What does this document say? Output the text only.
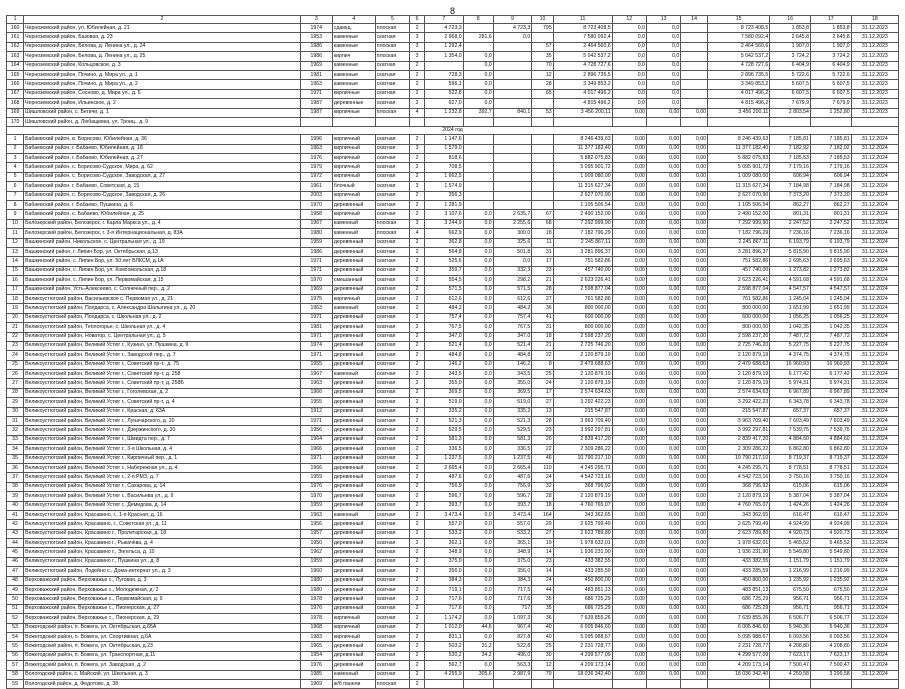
8
1	2	3	4	5	6	7	8	9	10	11	12	13	14	15	16	17	18
160	Черноземский район, ул. Юбилейная, д. 21	1974	сдающ.	плоская	2	4 723,3		4 723,3	795	8 723 408,5	0,0	0,0		8 723 408,5	1 853,8	1 853,8	31.12.2023
161	Черноземский район, Базовая, д. 23	1953	каменные	скатная	3	2 968,0	281,6	0,0		7 580 092,4	0,0	0,0		7 580 092,4	2 645,8	2 645,8	31.12.2023
162	Черноземский район, Белова, д. Ленина ул., д. 24	1986	каменные	плоская	3	1 292,4			57	2 464 560,6	0,0	0,0		2 464 560,6	1 907,0	1 907,0	31.12.2023
163	Черноземский район, Белова, д. Ленина ул., д. 25	1986	кирпич	плоская	3	1 354,0	0,0		35	5 042 537,2	0,0	0,0		5 042 537,2	3 724,2	3 724,2	31.12.2023
164	Черноземский район, Кольцовское, д. 3	1969	каменные	скатная	2		0,0		70	4 728 727,6	0,0	0,0		4 728 727,6	6 404,9	6 404,9	31.12.2023
165	Черноземский район, Почино, д. Мира ул., д. 1	1981	каменные	скатная	2	728,3	0,0		12	2 896 735,5	0,0	0,0		2 896 735,5	5 722,6	5 722,6	31.12.2023
166	Черноземский район, Почино, д. Мира ул., д. 2	1963	каменные	скатная	2	596,1	0,0		28	3 349 853,2	0,0	0,0		3 349 853,2	5 607,5	5 607,5	31.12.2023
167	Черноземский район, Сосново, д. Мира ул., д. 5	1971	кирпичные	скатная	2	522,8	0,0		65	4 017 496,2	0,0	0,0		4 017 496,2	6 607,5	6 607,5	31.12.2023
168	Черноземский район, Ильинское, д. 2	1987	деревянные	скатная	2	627,0	0,0			4 815 496,2	0,0	0,0		4 815 496,2	7 679,9	7 679,9	31.12.2023
169	Шишловский район, с. Бегичи, д. 1	1987	кирпичные	плоская	4	1 232,8	392,7	840,1	53	3 456 200,11	0,00	0,00	0,00	3 456 200,11	2 803,54	1 252,80	31.12.2023
170	Шишловский район, д. Любащевка, ул. Троиц., д. 9																
2024 год																	
1	Бабаевский район, в. Борисово, Юбилейная, д. 36	1996	кирпичный	скатная	2	1 147,6				8 246 439,63	0,00	0,00	0,00	8 246 439,63	7 185,81	7 185,81	31.12.2024
2	Бабаевский район, г. Бабаево, Юбилейная, д. 18	1963	кирпичный	скатная	3	1 579,0				11 377 182,40	0,00	0,00	0,00	11 377 182,40	7 182,92	7 182,92	31.12.2024
3	Бабаевский район, г. Бабаево, Юбилейная, д. 27	1976	кирпичный	скатная	2	818,6				5 882 075,83	0,00	0,00	0,00	5 882 075,83	7 185,53	7 185,53	31.12.2024
4	Бабаевский район, с. Борисово-Судское, Мира, д. 62	1979	кирпичный	скатная	2	708,5				5 095 901,72	0,00	0,00	0,00	5 095 901,72	7 179,16	7 179,16	31.12.2024
5	Бабаевский район, с. Борисово-Судское, Заводская, д. 27	1972	кирпичный	скатная	2	1 662,5				1 009 080,00	0,00	0,00	0,00	1 009 080,00	606,94	606,94	31.12.2024
6	Бабаевский район, г. Бабаево, Советская, д. 15	1961	блочный	скатная	3	1 574,9				11 315 627,34	0,00	0,00	0,00	11 315 627,34	7 184,98	7 184,98	31.12.2024
7	Бабаевский район, с. Борисово-Судское, Заводская, д. 26	2003	кирпичный	скатная	2	356,3				2 627 070,90	0,00	0,00	0,00	2 627 070,90	7 373,20	7 373,20	31.12.2024
8	Бабаевский район, г. Бабаево, Пушкина, д. 6	1970	деревянный	скатная	2	1 281,9				1 105 506,54	0,00	0,00	0,00	1 105 506,54	862,27	862,27	31.12.2024
9	Бабаевский район, с. Бабаево, Юбилейная, д. 25	1958	кирпичный	скатная	2	3 107,6	0,0	2 635,7	67	2 490 152,00	0,00	0,00	0,00	2 490 152,00	801,31	801,31	31.12.2024
10	Белозерский район, Белозерск, г. Карла Маркса ул., д. 4	1967	каменный	плоская	3	3 244,9	0,0	2 255,6	68	7 292 999,90	0,00	0,00	0,00	7 292 999,90	2 247,52	2 247,52	31.12.2024
11	Белозерский район, Белозерск, г. 3-я Интернациональная, д. 83А	1980	каменный	плоская	4	662,9	0,0	300,0	18	7 182 796,29	0,00	0,00	0,00	7 182 796,29	7 236,16	7 236,16	31.12.2024
12	Вашкинский район, Никольское, с. Центральная ул., д. 19	1959	деревянный	скатная	2	362,8	0,0	325,6	11	2 245 867,11	0,00	0,00	0,00	2 245 867,11	6 193,79	6 193,79	31.12.2024
13	Вашкинский район, г. Липин Бор, ул. Октябрьская, д.13	1986	деревянный	скатная	2	564,8	0,0	501,8	31	3 281 896,37	0,00	0,00	0,00	3 281 896,37	5 815,90	5 815,90	31.12.2024
14	Вашкинский район, с. Липин Бор, ул. 50 лет ВЛКСМ, д.1А	1971	деревянный	скатная	2	525,6	0,0	0,0	17	751 582,86	0,00	0,00	0,00	751 582,86	2 695,63	2 695,63	31.12.2024
15	Вашкинский район, с. Липин Бор, ул. Комсомольская, д.18	1971	деревянный	скатная	2	359,7	0,0	332,3	23	457 740,00	0,00	0,00	0,00	457 740,00	1 273,82	1 273,82	31.12.2024
16	Вашкинский район, с. Липин Бор, ул. Первомайская, д.15	1970	смешанный	скатная	2	554,5	0,0	298,2	21	2 623 226,41	0,00	0,00	0,00	2 623 226,41	4 591,68	4 591,68	31.12.2024
17	Вашкинский район, Усть-Алексеево, с. Солнечный пер., д. 2	1969	деревянный	скатная	2	571,5	0,0	571,5	28	2 598 877,04	0,00	0,00	0,00	2 598 877,04	4 547,57	4 547,57	31.12.2024
18	Великоустюгский район, Васильевское с. Первомая ул., д. 21	1975	кирпичный	скатная	2	612,6	0,0	612,6	27	761 582,86	0,00	0,00	0,00	761 582,86	1 245,04	1 245,04	31.12.2024
19	Великоустюгский район, Полдарса, с. Александра Шалыгина ул., д. 20	1963	каменный	скатная	2	484,2	0,0	484,2	36	800 000,00	0,00	0,00	0,00	800 000,00	1 651,99	1 651,99	31.12.2024
20	Великоустюгский район, Полдарса, с. Школьная ул., д. 2	1971	деревянный	скатная	2	757,4	0,0	757,4	41	600 000,00	0,00	0,00	0,00	600 000,00	1 056,25	1 056,25	31.12.2024
21	Великоустюгский район, Теплогорье, с. Школьная ул., д. 4	1981	деревянный	скатная	2	767,5	0,0	767,5	31	800 000,00	0,00	0,00	0,00	800 000,00	1 042,35	1 042,35	31.12.2024
22	Великоустюгский район, Новатор, с. Центральная ул., д. 5	1971	деревянный	скатная	2	347,0	0,0	347,0	18	2 598 237,20	0,00	0,00	0,00	2 598 237,20	7 487,72	7 487,72	31.12.2024
23	Великоустюгский район, Великий Устюг г., Кузино, ул. Пушкина, д. 9	1974	деревянный	скатная	2	521,4	0,0	521,4	21	2 725 746,20	0,00	0,00	0,00	2 725 746,20	5 227,75	5 227,75	31.12.2024
24	Великоустюгский район, Великий Устюг г., Заводской пер., д. 7	1971	деревянный	скатная	2	484,8	0,0	484,8	22	2 120 879,19	0,00	0,00	0,00	2 120 879,19	4 374,75	4 374,75	31.12.2024
25	Великоустюгский район, Великий Устюг г., Советский пр-т., д. 75	1955	деревянный	скатная	2	146,2	0,0	146,2	8	2 479 688,63	0,00	0,00	0,00	2 479 688,63	16 960,93	16 960,93	31.12.2024
26	Великоустюгский район, Великий Устюг г., Советский пр-т, д. 258	1967	каменный	скатная	2	343,5	0,0	343,5	25	2 120 879,19	0,00	0,00	0,00	2 120 879,19	6 177,42	6 177,42	31.12.2024
27	Великоустюгский район, Великий Устюг г., Советский пр-т, д. 258Б	1963	деревянный	скатная	2	355,0	0,0	355,0	24	2 120 879,19	0,00	0,00	0,00	2 120 879,19	5 974,31	5 974,31	31.12.2024
28	Великоустюгский район, Великий Устюг г., Гоголевская, д. 2	1966	деревянный	скатная	2	369,5	0,0	369,5	17	2 574 634,63	0,00	0,00	0,00	2 574 634,63	6 967,89	6 967,89	31.12.2024
29	Великоустюгский район, Великий Устюг г., Советский пр-т, д. 4	1955	деревянный	скатная	2	519,0	0,0	519,0	27	3 292 422,23	0,00	0,00	0,00	3 292 422,23	6 343,78	6 343,78	31.12.2024
30	Великоустюгский район, Великий Устюг г., Красная, д. 63А	1912	деревянный	скатная	2	335,2	0,0	335,2	13	215 547,87	0,00	0,00	0,00	215 547,87	657,37	657,37	31.12.2024
31	Великоустюгский район, Великий Устюг г., Луначарского, д. 20	1971	деревянный	скатная	2	521,3	0,0	521,3	28	3 963 709,40	0,00	0,00	0,00	3 963 709,40	7 603,49	7 603,49	31.12.2024
32	Великоустюгский район, Великий Устюг г., Дзержинского, д. 30	1956	деревянный	скатная	2	529,5	0,0	529,5	23	3 992 297,81	0,00	0,00	0,00	3 992 297,81	7 539,75	7 539,75	31.12.2024
33	Великоустюгский район, Великий Устюг г., Шмидта пер., д. 7	1964	деревянный	скатная	2	581,3	0,0	581,3	26	2 839 417,20	0,00	0,00	0,00	2 839 417,20	4 884,60	4 884,60	31.12.2024
34	Великоустюгский район, Великий Устюг г., 3-я Школьная, д. 4	1966	деревянный	скатная	2	336,5	0,0	336,5	22	2 309 286,22	0,00	0,00	0,00	2 309 286,22	6 862,80	6 862,80	31.12.2024
35	Великоустюгский район, Великий Устюг г., Кирпичный пер., д. 1	1971	деревянный	скатная	2	1 237,5	0,0	1 237,5	46	10 790 217,10	0,00	0,00	0,00	10 790 217,10	8 719,37	8 719,37	31.12.2024
36	Великоустюгский район, Великий Устюг г., Набережная ул., д. 4	1966	деревянный	скатная	2	2 665,4	0,0	2 665,4	110	4 245 295,71	0,00	0,00	0,00	4 245 295,71	8 778,51	8 778,51	31.12.2024
37	Великоустюгский район, Великий Устюг г., 2-я РМЗ, д. 7	1959	деревянный	скатная	2	487,6	0,0	487,6	24	4 542 723,16	0,00	0,00	0,00	4 542 723,16	3 750,16	3 750,16	31.12.2024
38	Великоустюгский район, Великий Устюг г., Сахарова, д. 14	1976	деревянный	скатная	2	756,9	0,0	756,9	32	368 796,92	0,00	0,00	0,00	368 796,92	615,06	615,06	31.12.2024
39	Великоустюгский район, Великий Устюг г., Васильева ул., д. 9	1970	деревянный	скатная	2	596,7	0,0	596,7	28	2 120 879,19	0,00	0,00	0,00	2 120 879,19	5 387,04	5 387,04	31.12.2024
40	Великоустюгский район, Великий Устюг г., Демидова, д. 14	1959	деревянный	скатная	2	393,7	0,0	393,7	18	4 760 765,07	0,00	0,00	0,00	4 760 765,07	1 424,26	1 424,26	31.12.2024
41	Великоустюгский район, Красавино, г., 1-я Красная, д. 16	1963	каменный	скатная	2	3 473,4	0,0	3 473,4	164	343 362,65	0,00	0,00	0,00	343 362,65	616,47	616,47	31.12.2024
42	Великоустюгский район, Красавино, г., Советская ул., д. 11	1956	деревянный	скатная	2	557,0	0,0	557,0	29	2 625 799,49	0,00	0,00	0,00	2 625 799,49	4 924,99	4 924,99	31.12.2024
43	Великоустюгский район, Красавино г., Пролетарская, д. 18	1957	деревянный	скатная	2	533,2	0,0	533,2	27	2 623 789,80	0,00	0,00	0,00	2 623 789,80	4 920,73	4 920,73	31.12.2024
44	Великоустюгский район, Красавино г., Рыкачёва, д. 4	1950	деревянный	скатная	2	362,1	0,0	365,1	19	1 978 632,01	0,00	0,00	0,00	1 978 632,01	5 465,52	5 465,52	31.12.2024
45	Великоустюгский район, Красавино г., Энгельса, д. 10	1962	деревянный	скатная	2	348,9	0,0	348,9	14	1 936 231,90	0,00	0,00	0,00	1 936 231,90	5 549,80	5 549,80	31.12.2024
46	Великоустюгский район, Красавино г., Пушкина ул., д. 8	1959	деревянный	скатная	2	375,0	0,0	375,0	23	433 382,55	0,00	0,00	0,00	433 382,55	1 151,79	1 151,79	31.12.2024
47	Великоустюгский район, Лодейно с., Дома-интернат ул., д. 3	1960	деревянный	скатная	2	356,0	0,0	356,0	14	433 285,59	0,00	0,00	0,00	433 285,59	1 216,99	1 216,99	31.12.2024
48	Верховажский район, Верховажье с., Луговая, д. 3	1980	деревянный	скатная	2	384,3	0,0	384,3	24	450 800,00	0,00	0,00	0,00	450 800,00	1 235,92	1 235,92	31.12.2024
49	Верховажский район, Верховажье с., Молодежная, д. 2	1980	деревянный	скатная	2	719,1	0,0	717,5	44	483 851,13	0,00	0,00	0,00	483 851,13	675,50	675,50	31.12.2024
50	Верховажский район, Верховажье с., Первомайская, д. 9	1978	деревянный	скатная	2	717,6	0,0	717,6	35	686 725,29	0,00	0,00	0,00	686 725,29	956,71	956,71	31.12.2024
51	Верховажский район, Верховажье с., Пионерская, д. 27	1976	деревянный	скатная	2	717,6	0,0	717	35	686 725,29	0,00	0,00	0,00	686 725,29	956,71	956,71	31.12.2024
52	Верховажский район, Верховажье с., Пионерская, д. 29	1978	кирпичный	скатная	2	1 174,2	0,0	1 097,3	36	7 639 855,26	0,00	0,00	0,00	7 639 855,26	6 506,77	6 506,77	31.12.2024
53	Вожегодский район, п. Вожега, ул. Октябрьская, д.65А	1968	кирпичный	скатная	2	1 012,0	44,6	967,4	40	6 005 846,60	0,00	0,00	0,00	6 005 846,60	5 940,36	5 940,36	31.12.2024
54	Вожегодский район, п. Вожега, ул. Спортивная, д.6А	1983	кирпичный	скатная	2	831,1	0,0	827,8	40	5 095 988,67	0,00	0,00	0,00	5 095 988,67	6 093,56	6 093,56	31.12.2024
55	Вожегодский район, п. Вожега, ул. Октябрьская, д.23	1965	деревянный	скатная	2	503,2	31,2	522,8	25	2 231 728,77	0,00	0,00	0,00	2 231 728,77	4 208,80	4 208,80	31.12.2024
56	Вожегодский район, п. Вожега, ул. Транспортная, д.11	1954	деревянный	скатная	2	530,2	34,2	496,0	30	4 299 577,09	0,00	0,00	0,00	4 299 577,09	7 623,17	7 623,17	31.12.2024
57	Вожегодский район, п. Вожега, ул. Заводская, д. 2	1976	деревянный	скатная	2	562,7	0,0	563,3	12	4 209 173,14	0,00	0,00	0,00	4 209 173,14	7 500,47	7 500,47	31.12.2024
58	Вологодский район, с. Майский, ул. Школьная, д. 3	1985	каменный	скатная	2	4 255,9	305,6	2 987,9	79	18 036 342,40	0,00	0,00	0,00	18 036 342,40	4 259,58	3 299,58	31.12.2024
59	Вологодский район, д. Федотово, д. 38	1969	ж/б панели	плоская	2												
